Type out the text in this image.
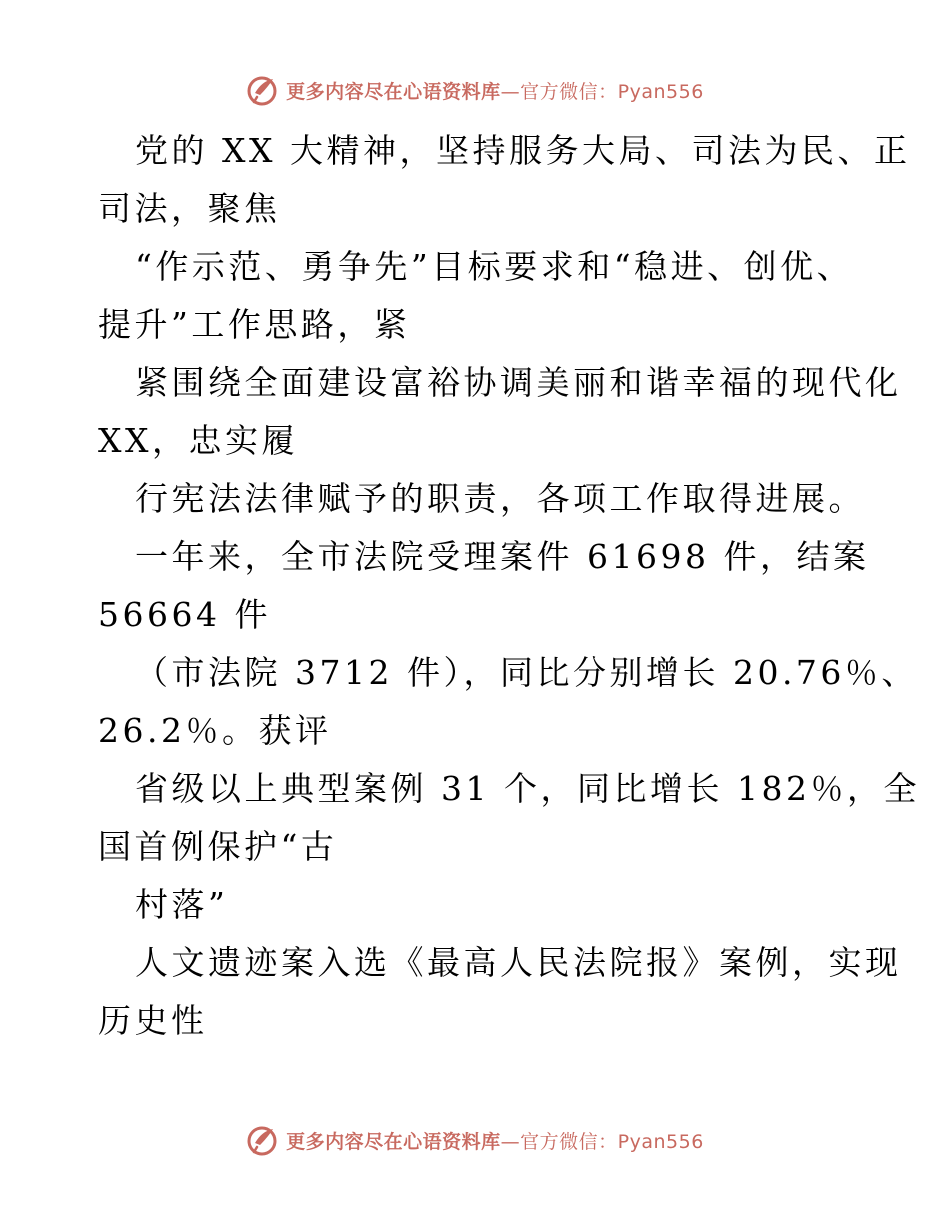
更多内容尽在心语资料库—官方微信：Pyan556
党的 XX 大精神，坚持服务大局、司法为民、正
司法，聚焦
“作示范、勇争先”目标要求和“稳进、创优、
提升”工作思路，紧
紧围绕全面建设富裕协调美丽和谐幸福的现代化
XX，忠实履
行宪法法律赋予的职责，各项工作取得进展。
一年来，全市法院受理案件 61698 件，结案
56664 件
（市法院 3712 件），同比分别增长 20.76％、
26.2％。获评
省级以上典型案例 31 个，同比增长 182％，全
国首例保护“古
村落”
人文遗迹案入选《最高人民法院报》案例，实现
历史性
更多内容尽在心语资料库—官方微信：Pyan556
